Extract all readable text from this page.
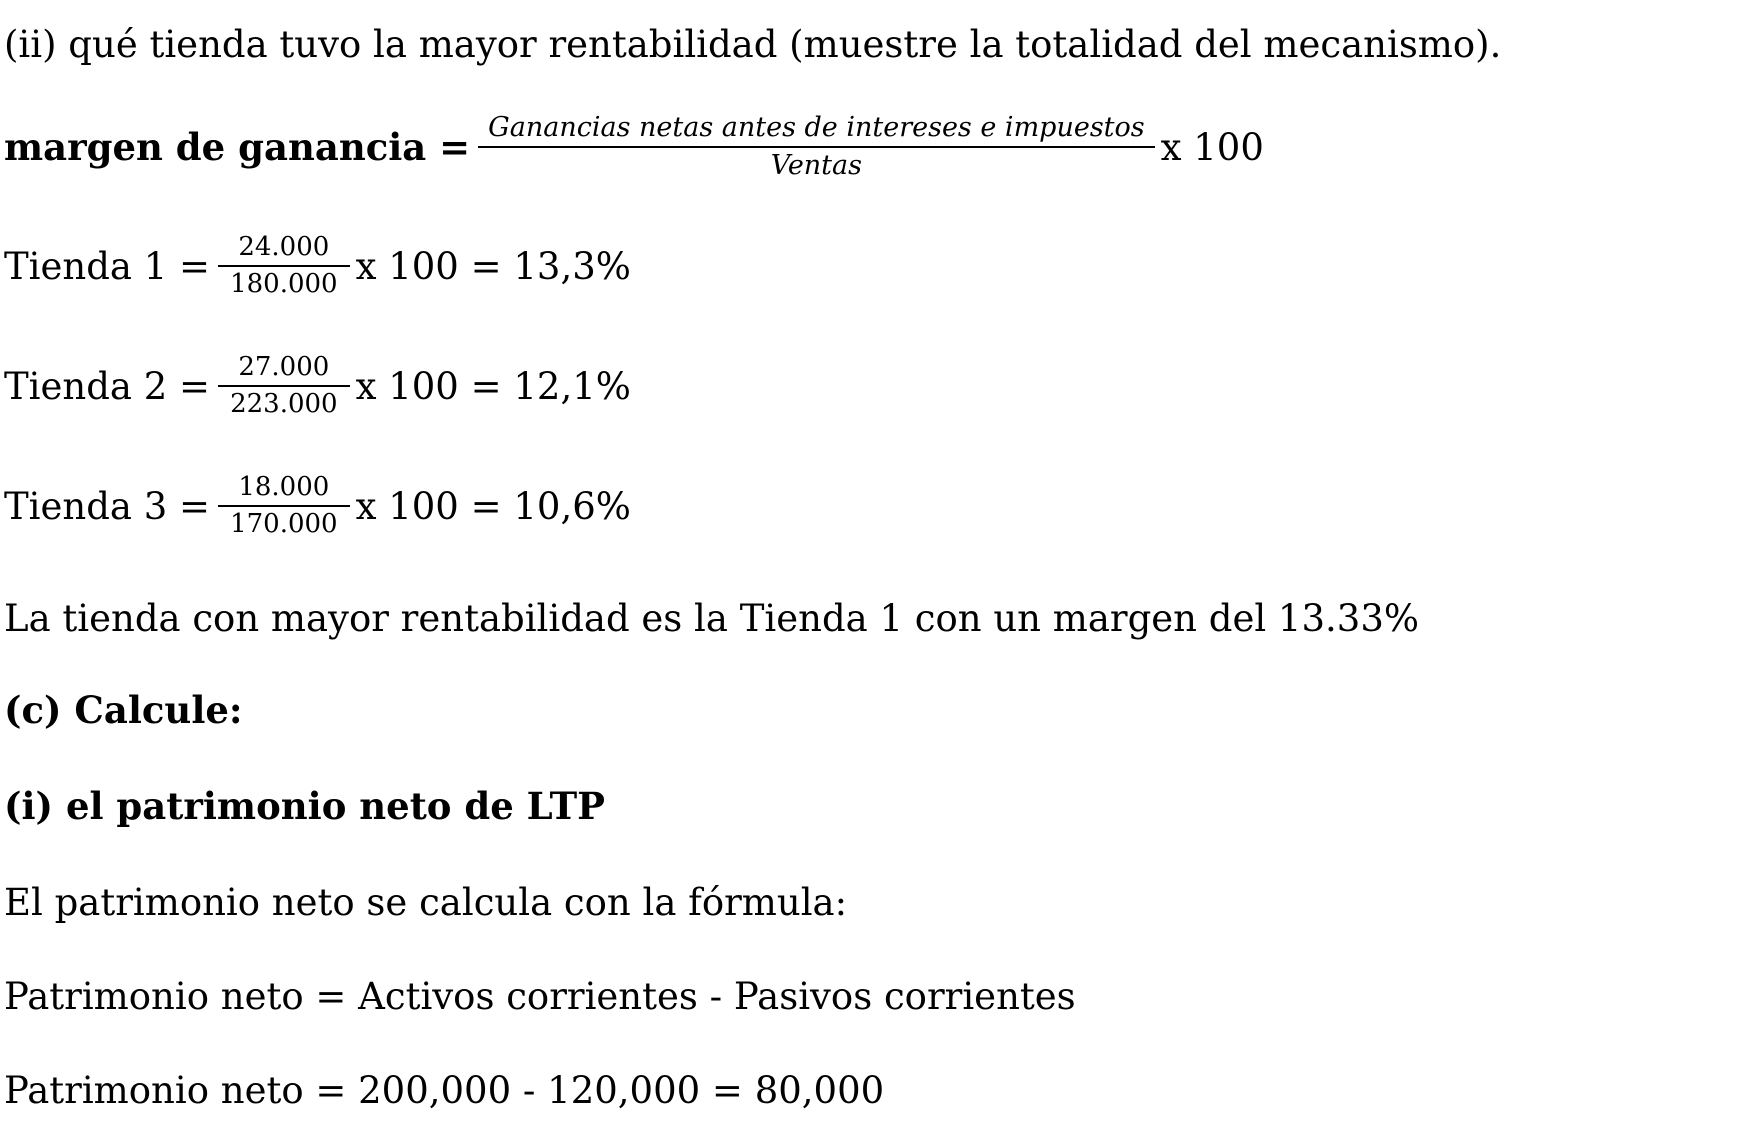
(ii) qué tienda tuvo la mayor rentabilidad (muestre la totalidad del mecanismo).
margen de ganancia = $\frac{\text{Ganancias netas antes de intereses e impuestos}}{\text{Ventas}}$ x 100
Tienda $1 = \frac{24.000}{180.000}$ x 100 = 13,3%
Tienda $2 = \frac{27.000}{223.000}$ x 100 = 12,1%
Tienda $3 = \frac{18.000}{170.000}$ x 100 = 10,6%
La tienda con mayor rentabilidad es la Tienda 1 con un margen del 13.33%
(c) Calcule:
(i) el patrimonio neto de LTP
El patrimonio neto se calcula con la fórmula:
Patrimonio neto = Activos corrientes - Pasivos corrientes
Patrimonio neto = 200,000 - 120,000 = 80,000
